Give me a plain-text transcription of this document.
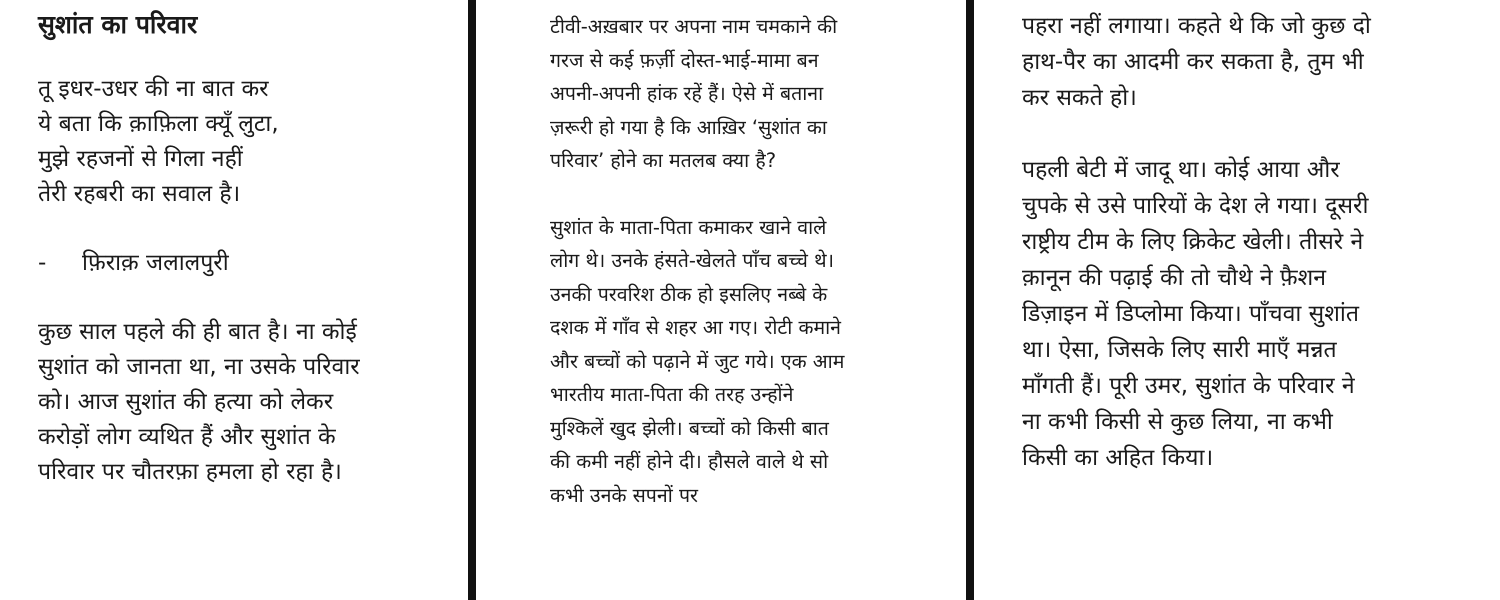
सुशांत का परिवार
तू इधर-उधर की ना बात कर
ये बता कि क़ाफ़िला क्यूँ लुटा,
मुझे रहजनों से गिला नहीं
तेरी रहबरी का सवाल है।
- फ़िराक़ जलालपुरी
कुछ साल पहले की ही बात है। ना कोई
सुशांत को जानता था, ना उसके परिवार
को। आज सुशांत की हत्या को लेकर
करोड़ों लोग व्यथित हैं और सुशांत के
परिवार पर चौतरफ़ा हमला हो रहा है।
टीवी-अख़बार पर अपना नाम चमकाने की
गरज से कई फ़र्ज़ी दोस्त-भाई-मामा बन
अपनी-अपनी हांक रहें हैं। ऐसे में बताना
ज़रूरी हो गया है कि आख़िर ‘सुशांत का
परिवार’ होने का मतलब क्या है?
सुशांत के माता-पिता कमाकर खाने वाले
लोग थे। उनके हंसते-खेलते पाँच बच्चे थे।
उनकी परवरिश ठीक हो इसलिए नब्बे के
दशक में गाँव से शहर आ गए। रोटी कमाने
और बच्चों को पढ़ाने में जुट गये। एक आम
भारतीय माता-पिता की तरह उन्होंने
मुश्किलें खुद झेली। बच्चों को किसी बात
की कमी नहीं होने दी। हौसले वाले थे सो
कभी उनके सपनों पर
पहरा नहीं लगाया। कहते थे कि जो कुछ दो
हाथ-पैर का आदमी कर सकता है, तुम भी
कर सकते हो।
पहली बेटी में जादू था। कोई आया और
चुपके से उसे पारियों के देश ले गया। दूसरी
राष्ट्रीय टीम के लिए क्रिकेट खेली। तीसरे ने
क़ानून की पढ़ाई की तो चौथे ने फ़ैशन
डिज़ाइन में डिप्लोमा किया। पाँचवा सुशांत
था। ऐसा, जिसके लिए सारी माएँ मन्नत
माँगती हैं। पूरी उमर, सुशांत के परिवार ने
ना कभी किसी से कुछ लिया, ना कभी
किसी का अहित किया।
